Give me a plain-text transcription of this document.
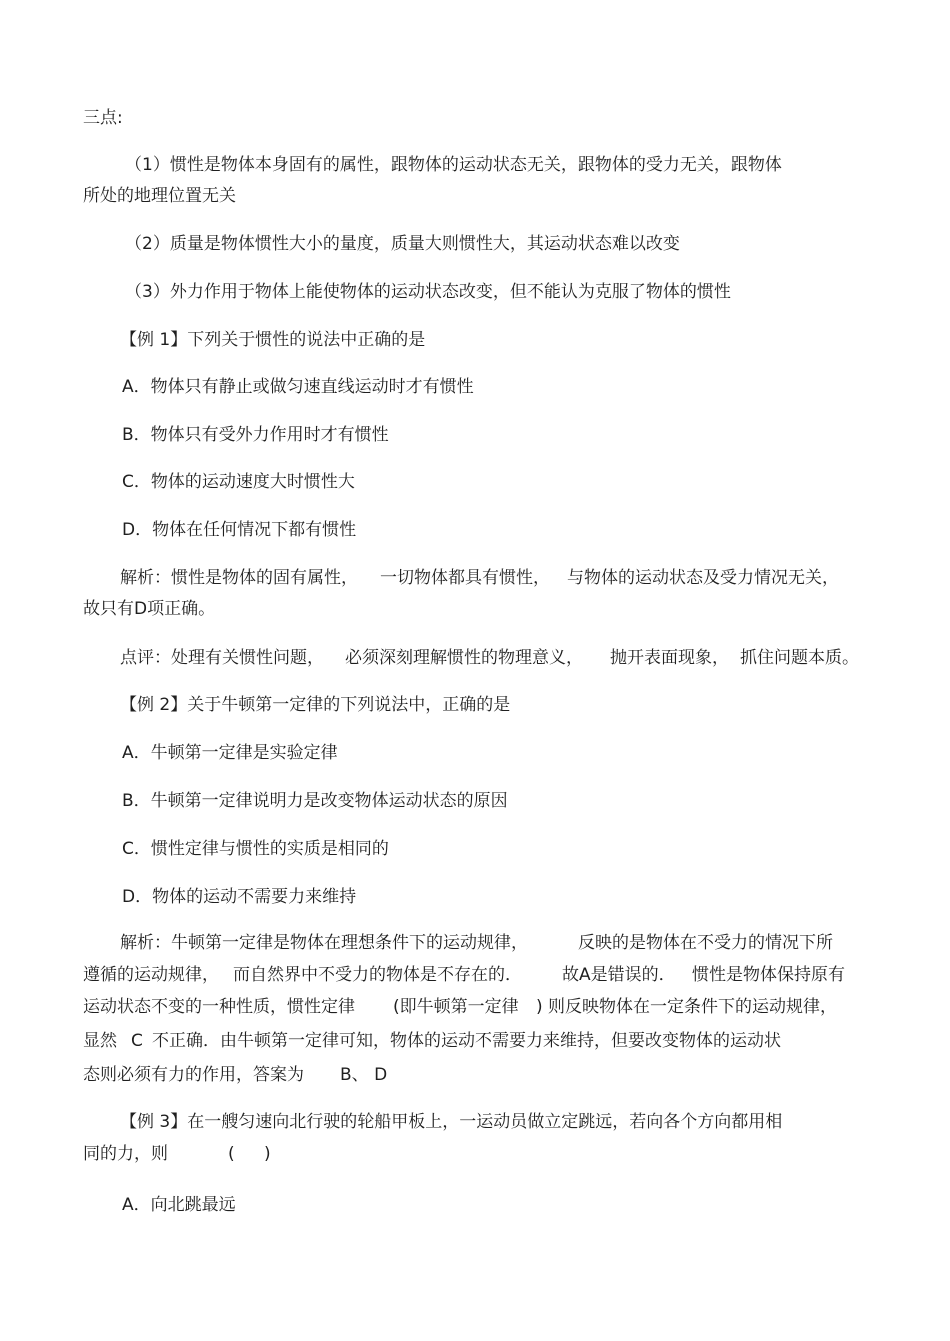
三点:
（1）惯性是物体本身固有的属性，跟物体的运动状态无关，跟物体的受力无关，跟物体
所处的地理位置无关
（2）质量是物体惯性大小的量度，质量大则惯性大，其运动状态难以改变
（3）外力作用于物体上能使物体的运动状态改变，但不能认为克服了物体的惯性
【例 1】下列关于惯性的说法中正确的是
A．物体只有静止或做匀速直线运动时才有惯性
B．物体只有受外力作用时才有惯性
C．物体的运动速度大时惯性大
D．物体在任何情况下都有惯性
解析：惯性是物体的固有属性， 一切物体都具有惯性， 与物体的运动状态及受力情况无关，
故只有D项正确。
点评：处理有关惯性问题， 必须深刻理解惯性的物理意义， 抛开表面现象， 抓住问题本质。
【例 2】关于牛顿第一定律的下列说法中，正确的是
A．牛顿第一定律是实验定律
B．牛顿第一定律说明力是改变物体运动状态的原因
C．惯性定律与惯性的实质是相同的
D．物体的运动不需要力来维持
解析：牛顿第一定律是物体在理想条件下的运动规律，	反映的是物体在不受力的情况下所
遵循的运动规律， 而自然界中不受力的物体是不存在的． 故A是错误的． 惯性是物体保持原有
运动状态不变的一种性质，惯性定律 (即牛顿第一定律 ) 则反映物体在一定条件下的运动规律，
显然 C 不正确．由牛顿第一定律可知，物体的运动不需要力来维持，但要改变物体的运动状
态则必须有力的作用，答案为 B、 D
【例 3】在一艘匀速向北行驶的轮船甲板上，一运动员做立定跳远，若向各个方向都用相
同的力，则	( )
A．向北跳最远
